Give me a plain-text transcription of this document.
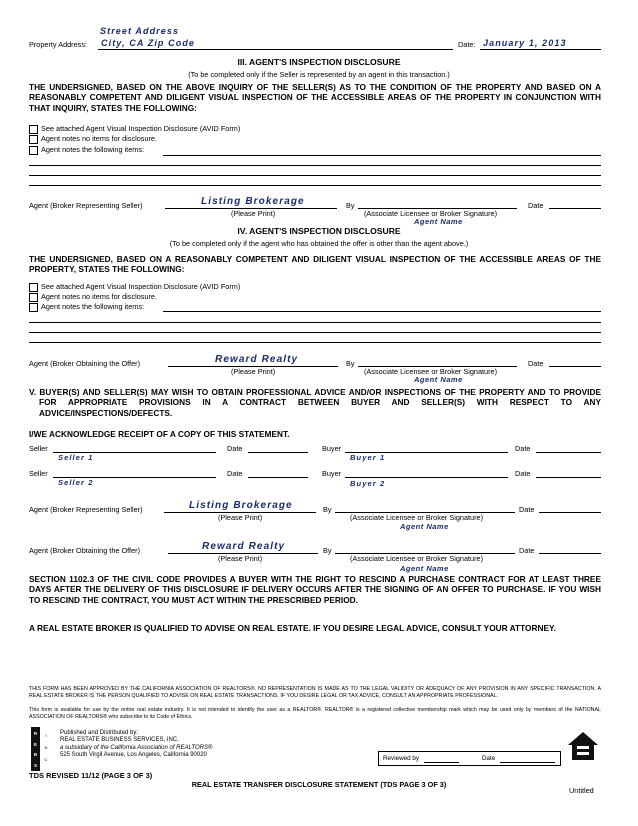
Street Address
Property Address: City, CA Zip Code	Date: January 1, 2013
III. AGENT'S INSPECTION DISCLOSURE
(To be completed only if the Seller is represented by an agent in this transaction.)
THE UNDERSIGNED, BASED ON THE ABOVE INQUIRY OF THE SELLER(S) AS TO THE CONDITION OF THE PROPERTY AND BASED ON A REASONABLY COMPETENT AND DILIGENT VISUAL INSPECTION OF THE ACCESSIBLE AREAS OF THE PROPERTY IN CONJUNCTION WITH THAT INQUIRY, STATES THE FOLLOWING:
See attached Agent Visual Inspection Disclosure (AVID Form)
Agent notes no items for disclosure.
Agent notes the following items:
Agent (Broker Representing Seller)	Listing Brokerage	By	Date
(Please Print)	(Associate Licensee or Broker Signature)
Agent Name
IV. AGENT'S INSPECTION DISCLOSURE
(To be completed only if the agent who has obtained the offer is other than the agent above.)
THE UNDERSIGNED, BASED ON A REASONABLY COMPETENT AND DILIGENT VISUAL INSPECTION OF THE ACCESSIBLE AREAS OF THE PROPERTY, STATES THE FOLLOWING:
See attached Agent Visual Inspection Disclosure (AVID Form)
Agent notes no items for disclosure.
Agent notes the following items:
Agent (Broker Obtaining the Offer)	Reward Realty	By	Date
(Please Print)	(Associate Licensee or Broker Signature)
Agent Name
V. BUYER(S) AND SELLER(S) MAY WISH TO OBTAIN PROFESSIONAL ADVICE AND/OR INSPECTIONS OF THE PROPERTY AND TO PROVIDE FOR APPROPRIATE PROVISIONS IN A CONTRACT BETWEEN BUYER AND SELLER(S) WITH RESPECT TO ANY ADVICE/INSPECTIONS/DEFECTS.
I/WE ACKNOWLEDGE RECEIPT OF A COPY OF THIS STATEMENT.
Seller	Date	Buyer	Date
Seller 1	Buyer 1
Seller	Date	Buyer	Date
Seller 2	Buyer 2
Agent (Broker Representing Seller)	Listing Brokerage	By	Date
(Please Print)	(Associate Licensee or Broker Signature)
Agent Name
Agent (Broker Obtaining the Offer)	Reward Realty	By	Date
(Please Print)	(Associate Licensee or Broker Signature)
Agent Name
SECTION 1102.3 OF THE CIVIL CODE PROVIDES A BUYER WITH THE RIGHT TO RESCIND A PURCHASE CONTRACT FOR AT LEAST THREE DAYS AFTER THE DELIVERY OF THIS DISCLOSURE IF DELIVERY OCCURS AFTER THE SIGNING OF AN OFFER TO PURCHASE. IF YOU WISH TO RESCIND THE CONTRACT, YOU MUST ACT WITHIN THE PRESCRIBED PERIOD.
A REAL ESTATE BROKER IS QUALIFIED TO ADVISE ON REAL ESTATE. IF YOU DESIRE LEGAL ADVICE, CONSULT YOUR ATTORNEY.
THIS FORM HAS BEEN APPROVED BY THE CALIFORNIA ASSOCIATION OF REALTORS®. NO REPRESENTATION IS MADE AS TO THE LEGAL VALIDITY OR ADEQUACY OF ANY PROVISION IN ANY SPECIFIC TRANSACTION. A REAL ESTATE BROKER IS THE PERSON QUALIFIED TO ADVISE ON REAL ESTATE TRANSACTIONS. IF YOU DESIRE LEGAL OR TAX ADVICE, CONSULT AN APPROPRIATE PROFESSIONAL.
This form is available for use by the entire real estate industry. It is not intended to identify the user as a REALTOR®. REALTOR® is a registered collective membership mark which may be used only by members of the NATIONAL ASSOCIATION OF REALTORS® who subscribe to its Code of Ethics.
R
E
B
S
I
N
C
Published and Distributed by:
REAL ESTATE BUSINESS SERVICES, INC.
a subsidiary of the California Association of REALTORS®
525 South Virgil Avenue, Los Angeles, California 90020	Reviewed by	Date
TDS REVISED 11/12 (PAGE 3 OF 3)
REAL ESTATE TRANSFER DISCLOSURE STATEMENT (TDS PAGE 3 OF 3)
Untitled
